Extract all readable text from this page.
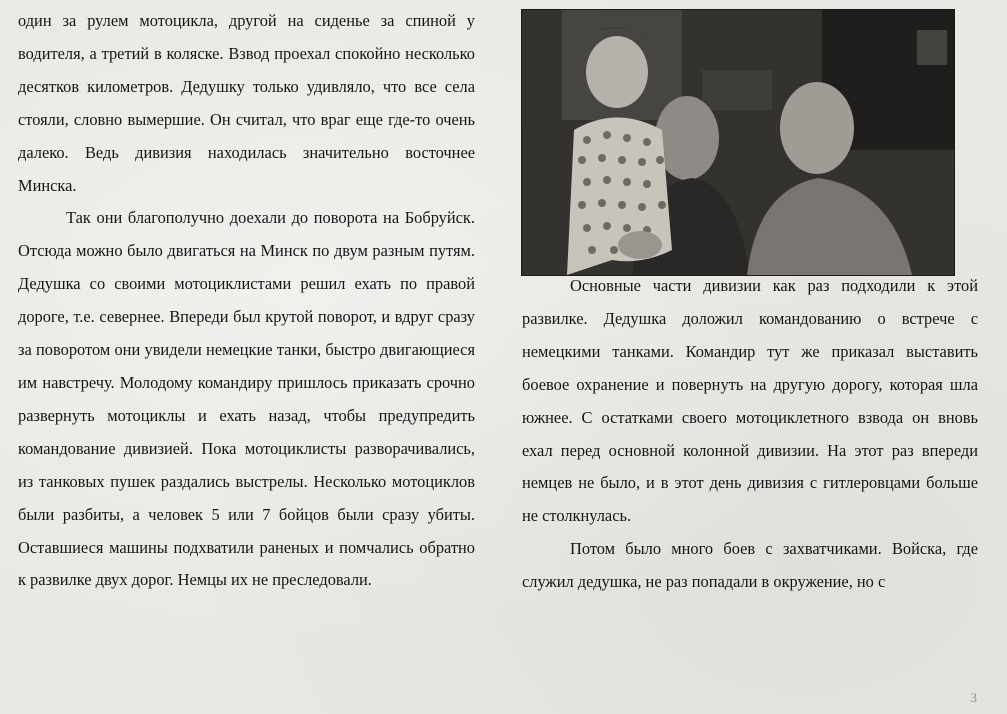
один за рулем мотоцикла, другой на сиденье за спиной у водителя, а третий в коляске. Взвод проехал спокойно несколько десятков километров. Дедушку только удивляло, что все села стояли, словно вымершие. Он считал, что враг еще где-то очень далеко. Ведь дивизия находилась значительно восточнее Минска.

Так они благополучно доехали до поворота на Бобруйск. Отсюда можно было двигаться на Минск по двум разным путям. Дедушка со своими мотоциклистами решил ехать по правой дороге, т.е. севернее. Впереди был крутой поворот, и вдруг сразу за поворотом они увидели немецкие танки, быстро двигающиеся им навстречу. Молодому командиру пришлось приказать срочно развернуть мотоциклы и ехать назад, чтобы предупредить командование дивизией. Пока мотоциклисты разворачивались, из танковых пушек раздались выстрелы. Несколько мотоциклов были разбиты, а человек 5 или 7 бойцов были сразу убиты. Оставшиеся машины подхватили раненых и помчались обратно к развилке двух дорог. Немцы их не преследовали.

Основные части дивизии как раз подходили к этой развилке. Дедушка доложил командованию о встрече с немецкими танками. Командир тут же приказал выставить боевое охранение и повернуть на другую дорогу, которая шла южнее. С остатками своего мотоциклетного взвода он вновь ехал перед основной колонной дивизии. На этот раз впереди немцев не было, и в этот день дивизия с гитлеровцами больше не столкнулась.

Потом было много боев с захватчиками. Войска, где служил дедушка, не раз попадали в окружение, но с

3
